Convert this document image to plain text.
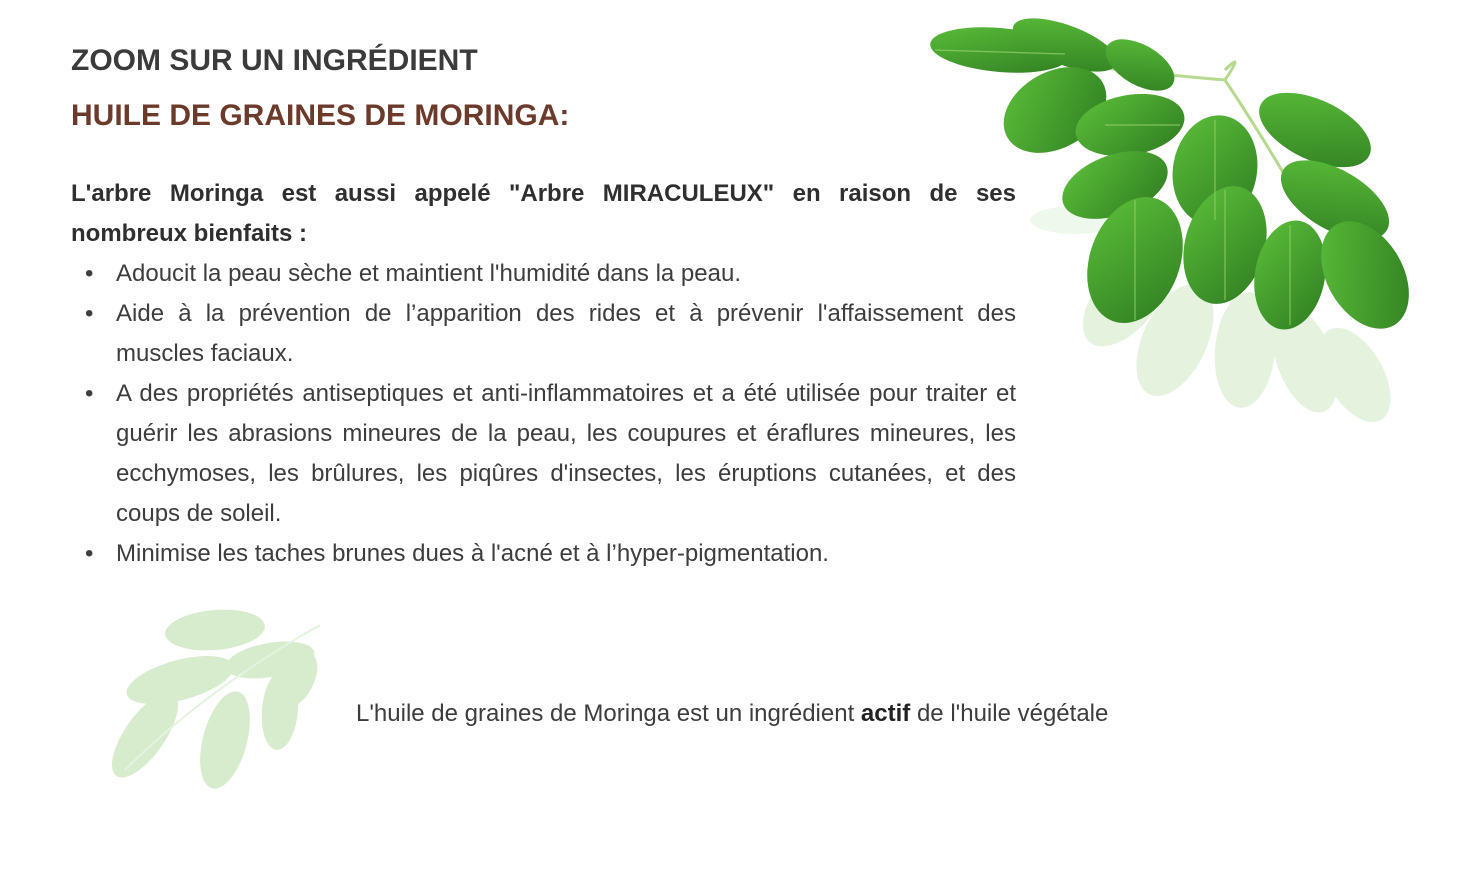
ZOOM SUR UN INGRÉDIENT
HUILE DE GRAINES DE MORINGA:

L'arbre Moringa est aussi appelé "Arbre MIRACULEUX" en raison de ses nombreux bienfaits :

• Adoucit la peau sèche et maintient l'humidité dans la peau.
• Aide à la prévention de l’apparition des rides et à prévenir l'affaissement des muscles faciaux.
• A des propriétés antiseptiques et anti-inflammatoires et a été utilisée pour traiter et guérir les abrasions mineures de la peau, les coupures et éraflures mineures, les ecchymoses, les brûlures, les piqûres d'insectes, les éruptions cutanées, et des coups de soleil.
• Minimise les taches brunes dues à l'acné et à l’hyper-pigmentation.

L'huile de graines de Moringa est un ingrédient actif de l'huile végétale
